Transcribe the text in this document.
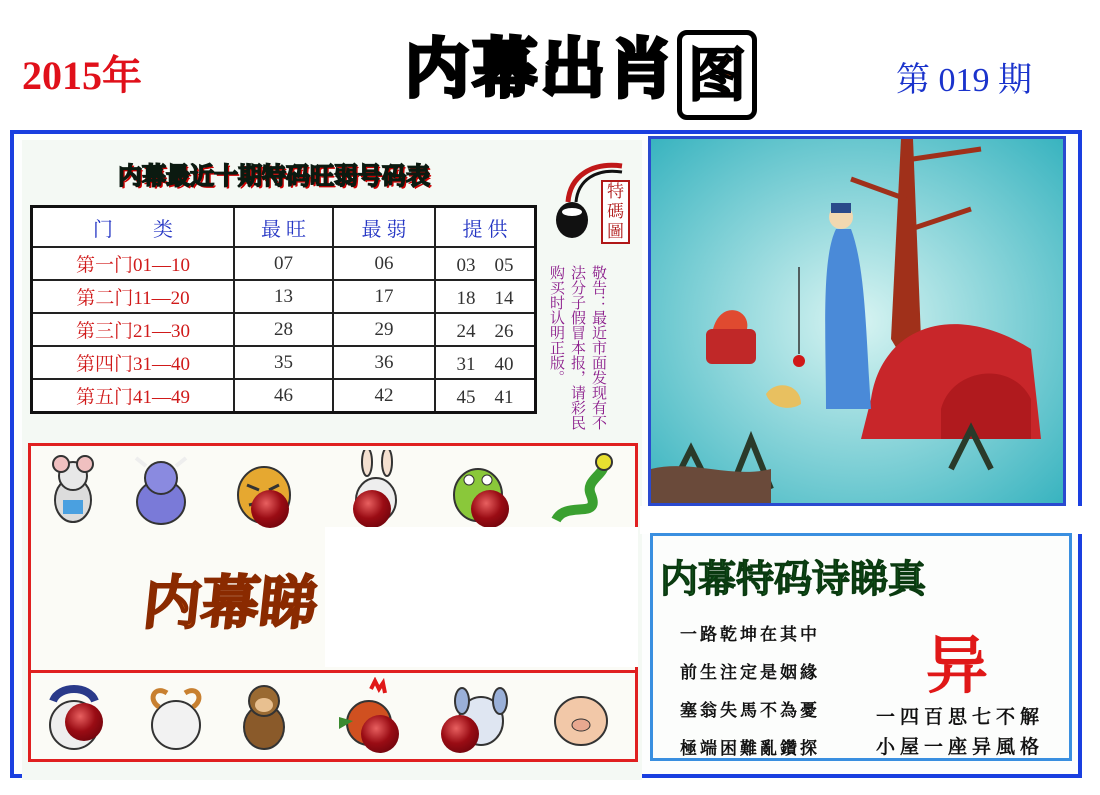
2015年	内 幕 出 肖 图	第 019 期
内幕最近十期特码旺弱号码表
门　　类	最 旺	最 弱	提 供
第一门01—10	07	06	03　05
第二门11—20	13	17	18　14
第三门21—30	28	29	24　26
第四门31—40	35	36	31　40
第五门41—49	46	42	45　41
特碼圖
敬告：最近市面发现有不法分子假冒本报，请彩民购买时认明正版。
内幕睇	内幕特码诗睇真
一路乾坤在其中
前生注定是姻緣
塞翁失馬不為憂
極端困難亂鑽探
异
一四百思七不解
小屋一座异風格
